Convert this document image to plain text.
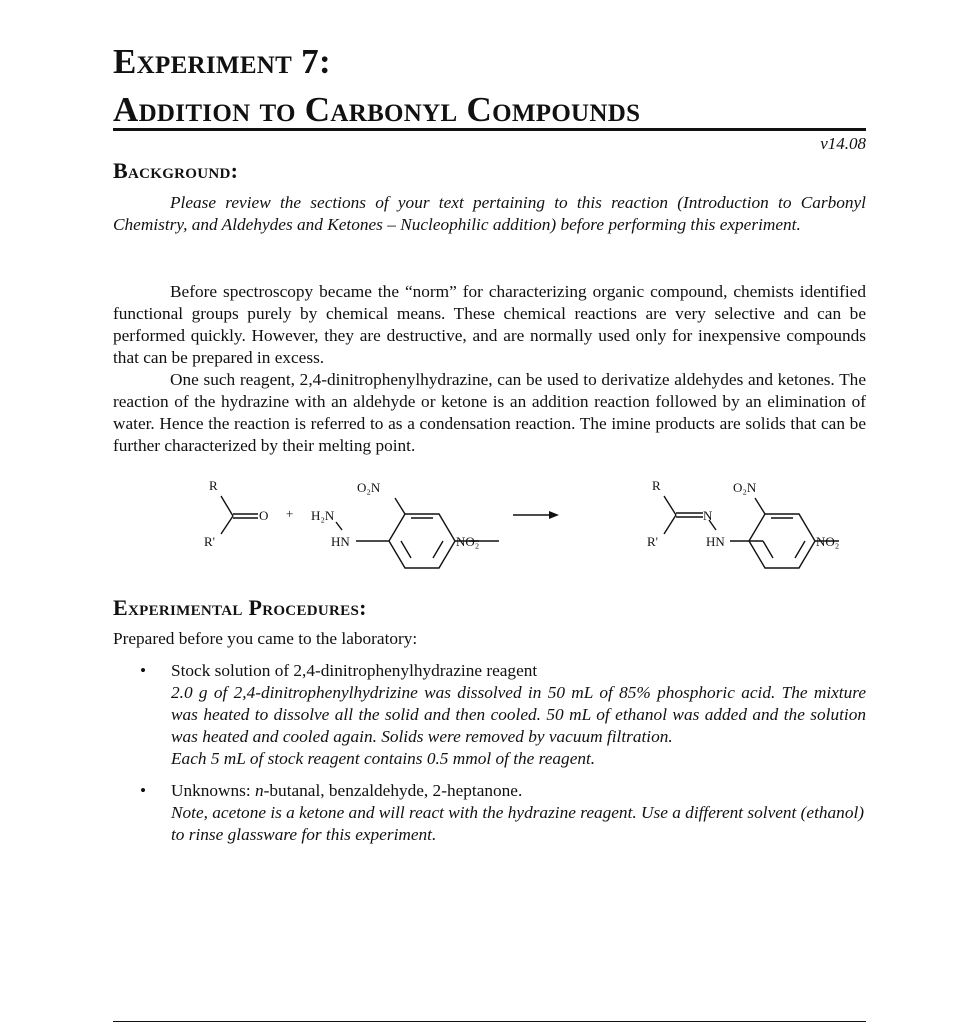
Experiment 7:
Addition to Carbonyl Compounds
v14.08
Background:

Please review the sections of your text pertaining to this reaction (Introduction to Carbonyl Chemistry, and Aldehydes and Ketones – Nucleophilic addition) before performing this experiment.

Before spectroscopy became the “norm” for characterizing organic compound, chemists identified functional groups purely by chemical means. These chemical reactions are very selective and can be performed quickly. However, they are destructive, and are normally used only for inexpensive compounds that can be prepared in excess.

One such reagent, 2,4-dinitrophenylhydrazine, can be used to derivatize aldehydes and ketones. The reaction of the hydrazine with an aldehyde or ketone is an addition reaction followed by an elimination of water. Hence the reaction is referred to as a condensation reaction. The imine products are solids that can be further characterized by their melting point.

R
R'
O + H₂N
HN
O₂N
NO₂
R
R'
N
HN
O₂N
NO₂
Experimental Procedures:
Prepared before you came to the laboratory:
• Stock solution of 2,4-dinitrophenylhydrazine reagent
2.0 g of 2,4-dinitrophenylhydrizine was dissolved in 50 mL of 85% phosphoric acid. The mixture was heated to dissolve all the solid and then cooled. 50 mL of ethanol was added and the solution was heated and cooled again. Solids were removed by vacuum filtration.
Each 5 mL of stock reagent contains 0.5 mmol of the reagent.
• Unknowns: n-butanal, benzaldehyde, 2-heptanone.
Note, acetone is a ketone and will react with the hydrazine reagent. Use a different solvent (ethanol) to rinse glassware for this experiment.
